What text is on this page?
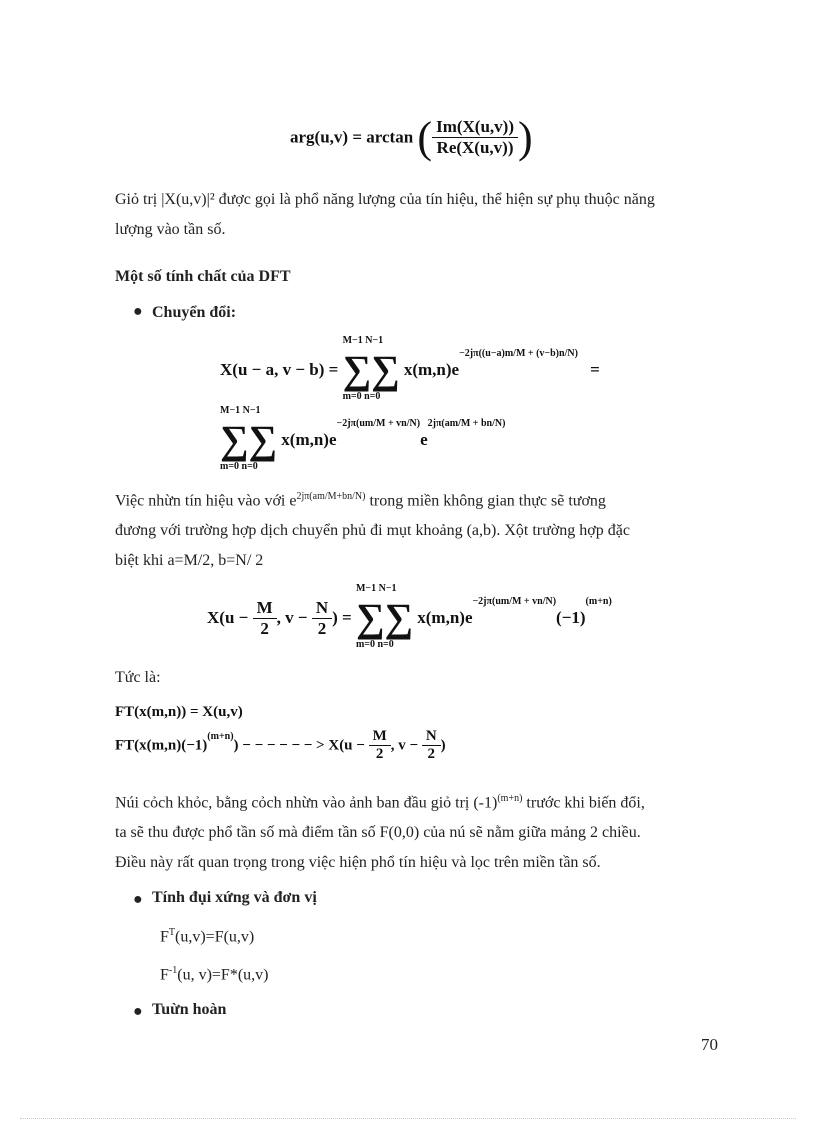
arg(u,v) = arctan ( $\frac{Im(X(u,v))}{Re(X(u,v))}$ )
Giỏ trị |X(u,v)|² được gọi là phổ năng lượng của tín hiệu, thể hiện sự phụ thuộc năng
lượng vào tần số.
Một số tính chất của DFT
● Chuyển đổi:
X(u − a, v − b) = ∑∑
M−1 N−1
m=0 n=0
$x(m,n)e^{-2j\pi((u-a)m/M + (v-b)n/N)}$ =
∑∑
M−1 N−1
m=0 n=0
$x(m,n)e^{-2j\pi(um/M + vn/N)}e^{2j\pi(am/M + bn/N)}$
Việc nhừn tín hiệu vào với $e^{2j\pi(am/M+bn/N)}$ trong miền không gian thực sẽ tương
đương với trường hợp dịch chuyển phủ đi mụt khoảng (a,b). Xột trường hợp đặc
biệt khi a=M/2, b=N/ 2
$X(u - \frac{M}{2}$ , $v - \frac{N}{2}$ ) = ∑∑
M−1 N−1
m=0 n=0
$x(m,n)e^{-2j\pi(um/M + vn/N)}(-1)^{(m+n)}$
Tức là:
FT(x(m,n)) = X(u,v)
$FT(x(m,n)(-1)^{(m+n)})$ − − − − − − > $X(u - \frac{M}{2}$ , $v - \frac{N}{2}$ )
Núi cỏch khỏc, bằng cỏch nhừn vào ảnh ban đầu giỏ trị $(-1)^{(m+n)}$ trước khi biến đổi,
ta sẽ thu được phổ tần số mà điểm tần số F(0,0) của nú sẽ nằm giữa mảng 2 chiều.
Điều này rất quan trọng trong việc hiện phổ tín hiệu và lọc trên miền tần số.
● Tính đụi xứng và đơn vị
$F^T(u,v)=F(u,v)$
$F^{-1}(u$, v)=F*(u,v)
● Tuừn hoàn
70
